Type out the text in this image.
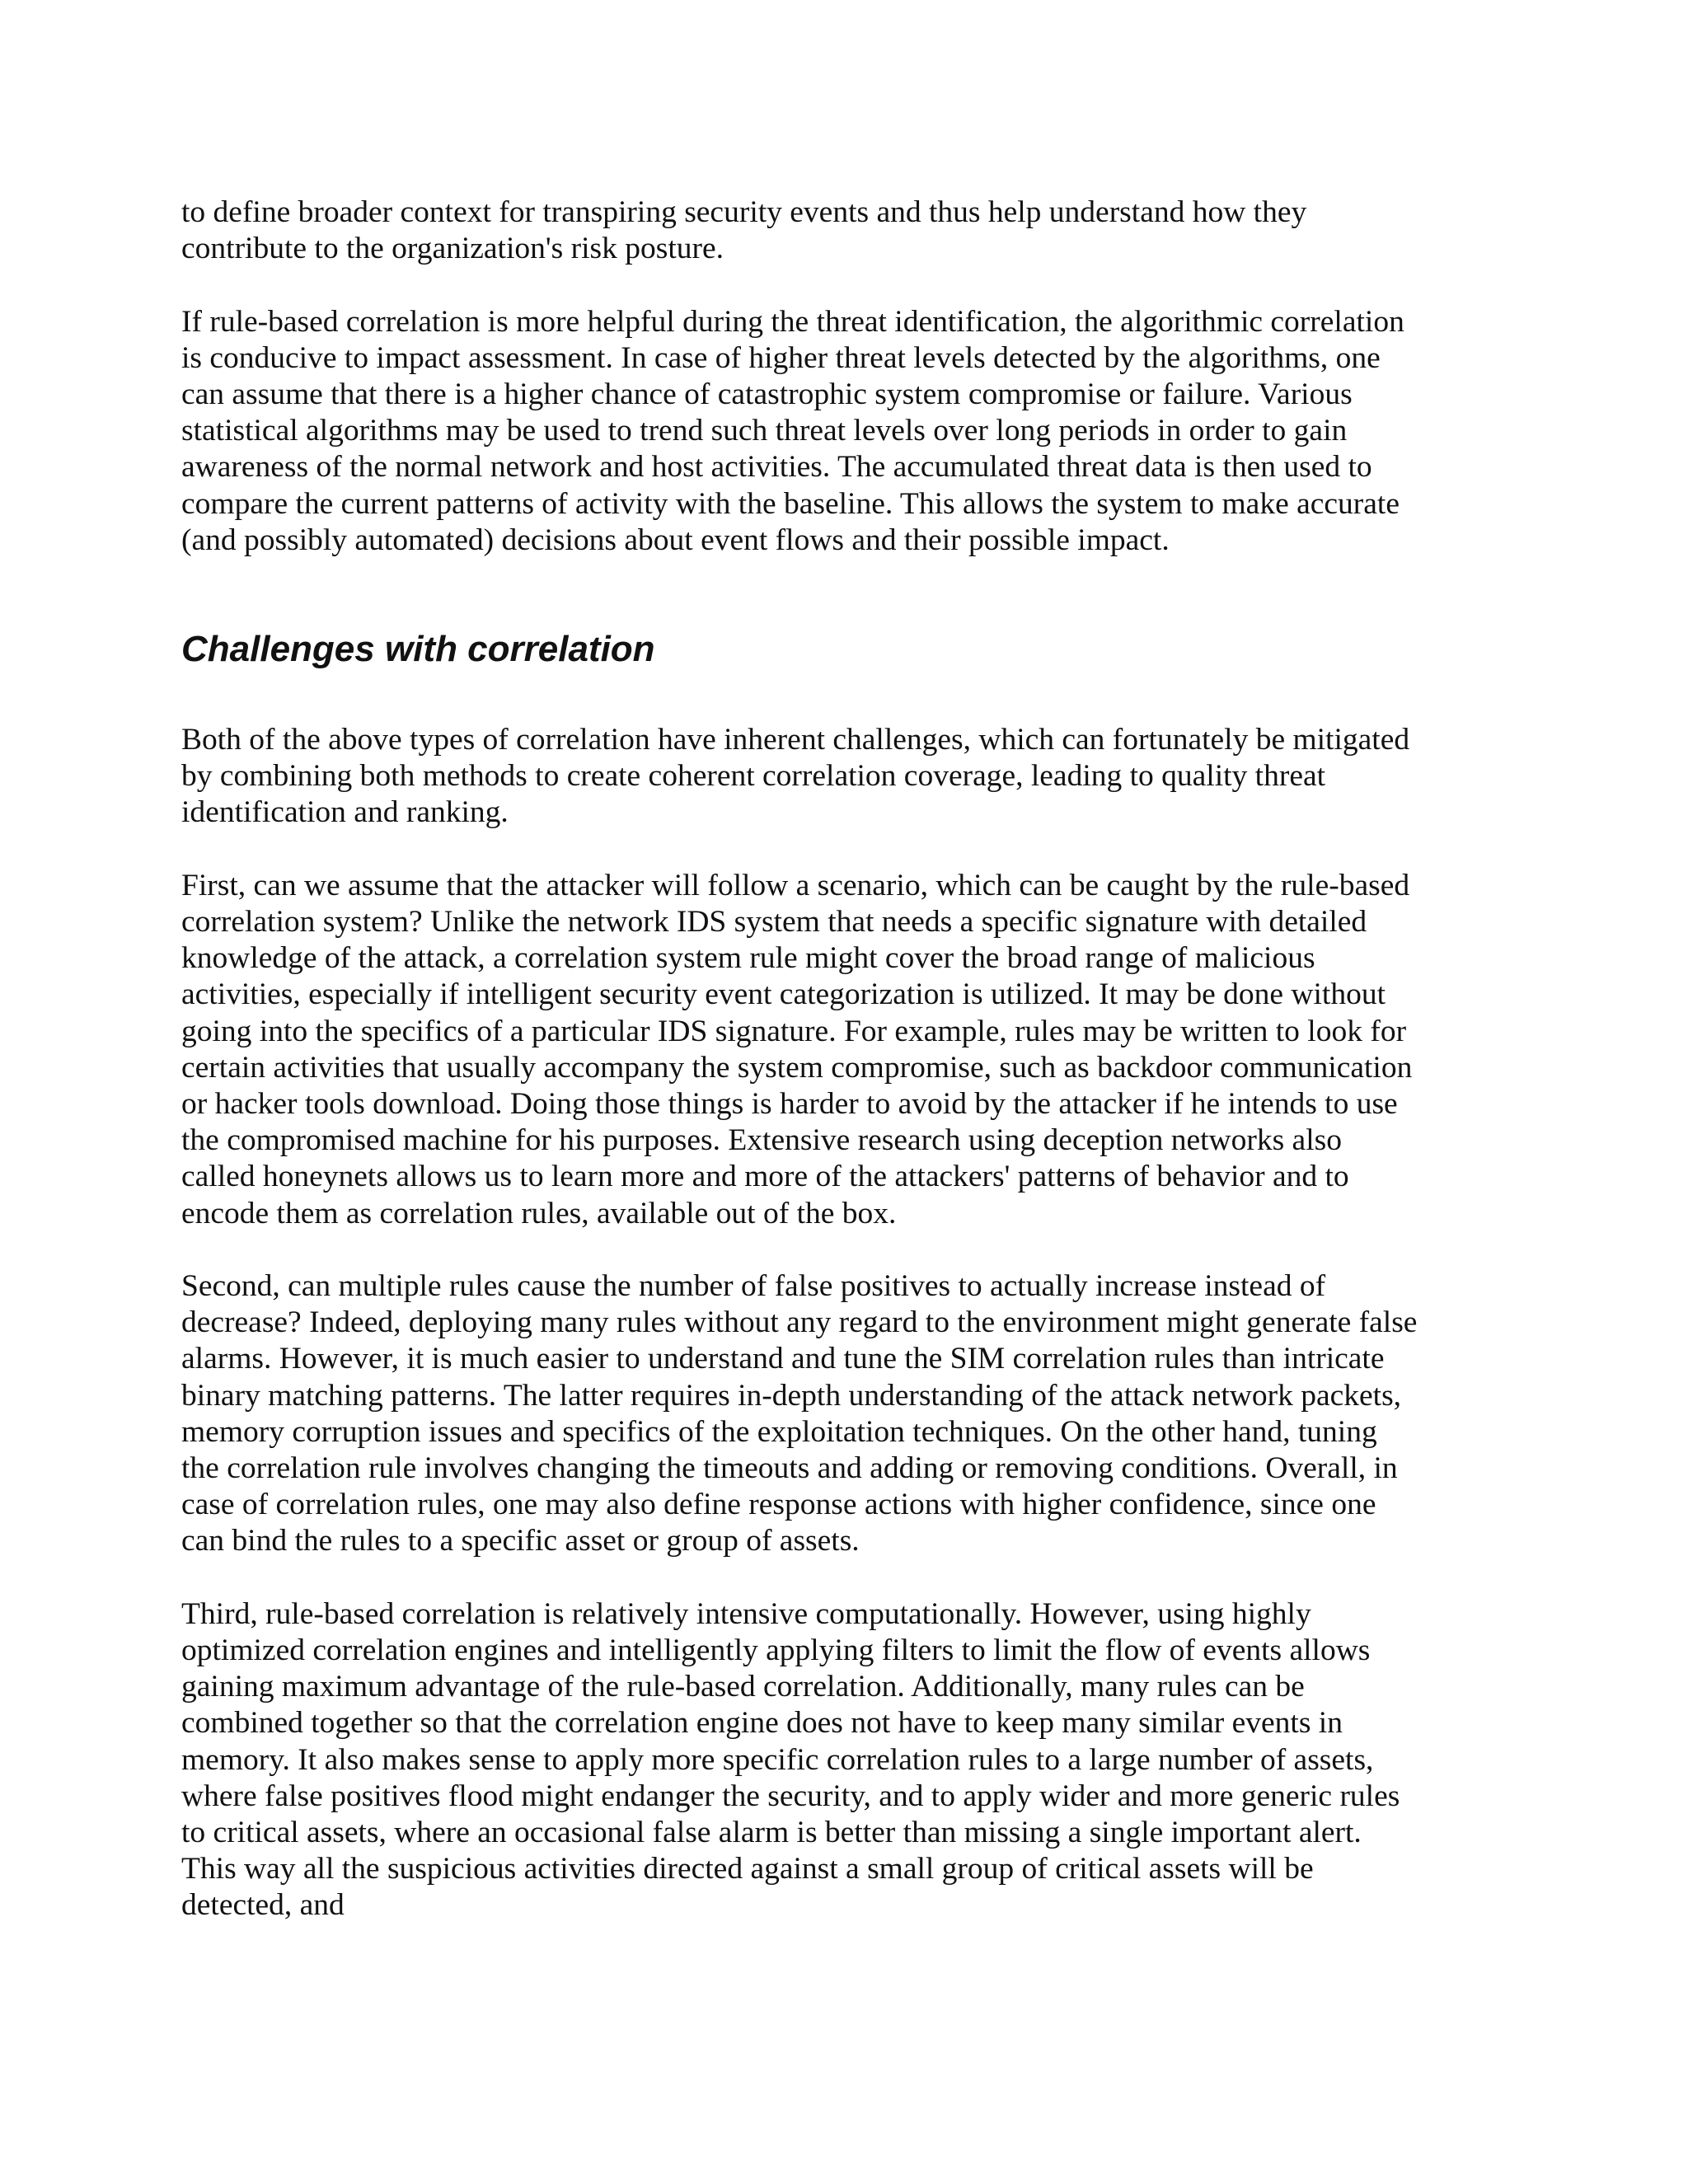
to define broader context for transpiring security events and thus help understand how they
contribute to the organization's risk posture.

If rule-based correlation is more helpful during the threat identification, the algorithmic correlation
is conducive to impact assessment. In case of higher threat levels detected by the algorithms, one
can assume that there is a higher chance of catastrophic system compromise or failure. Various
statistical algorithms may be used to trend such threat levels over long periods in order to gain
awareness of the normal network and host activities. The accumulated threat data is then used to
compare the current patterns of activity with the baseline. This allows the system to make accurate
(and possibly automated) decisions about event flows and their possible impact.

Challenges with correlation

Both of the above types of correlation have inherent challenges, which can fortunately be mitigated
by combining both methods to create coherent correlation coverage, leading to quality threat
identification and ranking.

First, can we assume that the attacker will follow a scenario, which can be caught by the rule-based
correlation system? Unlike the network IDS system that needs a specific signature with detailed
knowledge of the attack, a correlation system rule might cover the broad range of malicious
activities, especially if intelligent security event categorization is utilized. It may be done without
going into the specifics of a particular IDS signature. For example, rules may be written to look for
certain activities that usually accompany the system compromise, such as backdoor communication
or hacker tools download. Doing those things is harder to avoid by the attacker if he intends to use
the compromised machine for his purposes. Extensive research using deception networks also
called honeynets allows us to learn more and more of the attackers' patterns of behavior and to
encode them as correlation rules, available out of the box.

Second, can multiple rules cause the number of false positives to actually increase instead of
decrease? Indeed, deploying many rules without any regard to the environment might generate false
alarms. However, it is much easier to understand and tune the SIM correlation rules than intricate
binary matching patterns. The latter requires in-depth understanding of the attack network packets,
memory corruption issues and specifics of the exploitation techniques. On the other hand, tuning
the correlation rule involves changing the timeouts and adding or removing conditions. Overall, in
case of correlation rules, one may also define response actions with higher confidence, since one
can bind the rules to a specific asset or group of assets.

Third, rule-based correlation is relatively intensive computationally. However, using highly
optimized correlation engines and intelligently applying filters to limit the flow of events allows
gaining maximum advantage of the rule-based correlation. Additionally, many rules can be
combined together so that the correlation engine does not have to keep many similar events in
memory. It also makes sense to apply more specific correlation rules to a large number of assets,
where false positives flood might endanger the security, and to apply wider and more generic rules
to critical assets, where an occasional false alarm is better than missing a single important alert.
This way all the suspicious activities directed against a small group of critical assets will be
detected, and
